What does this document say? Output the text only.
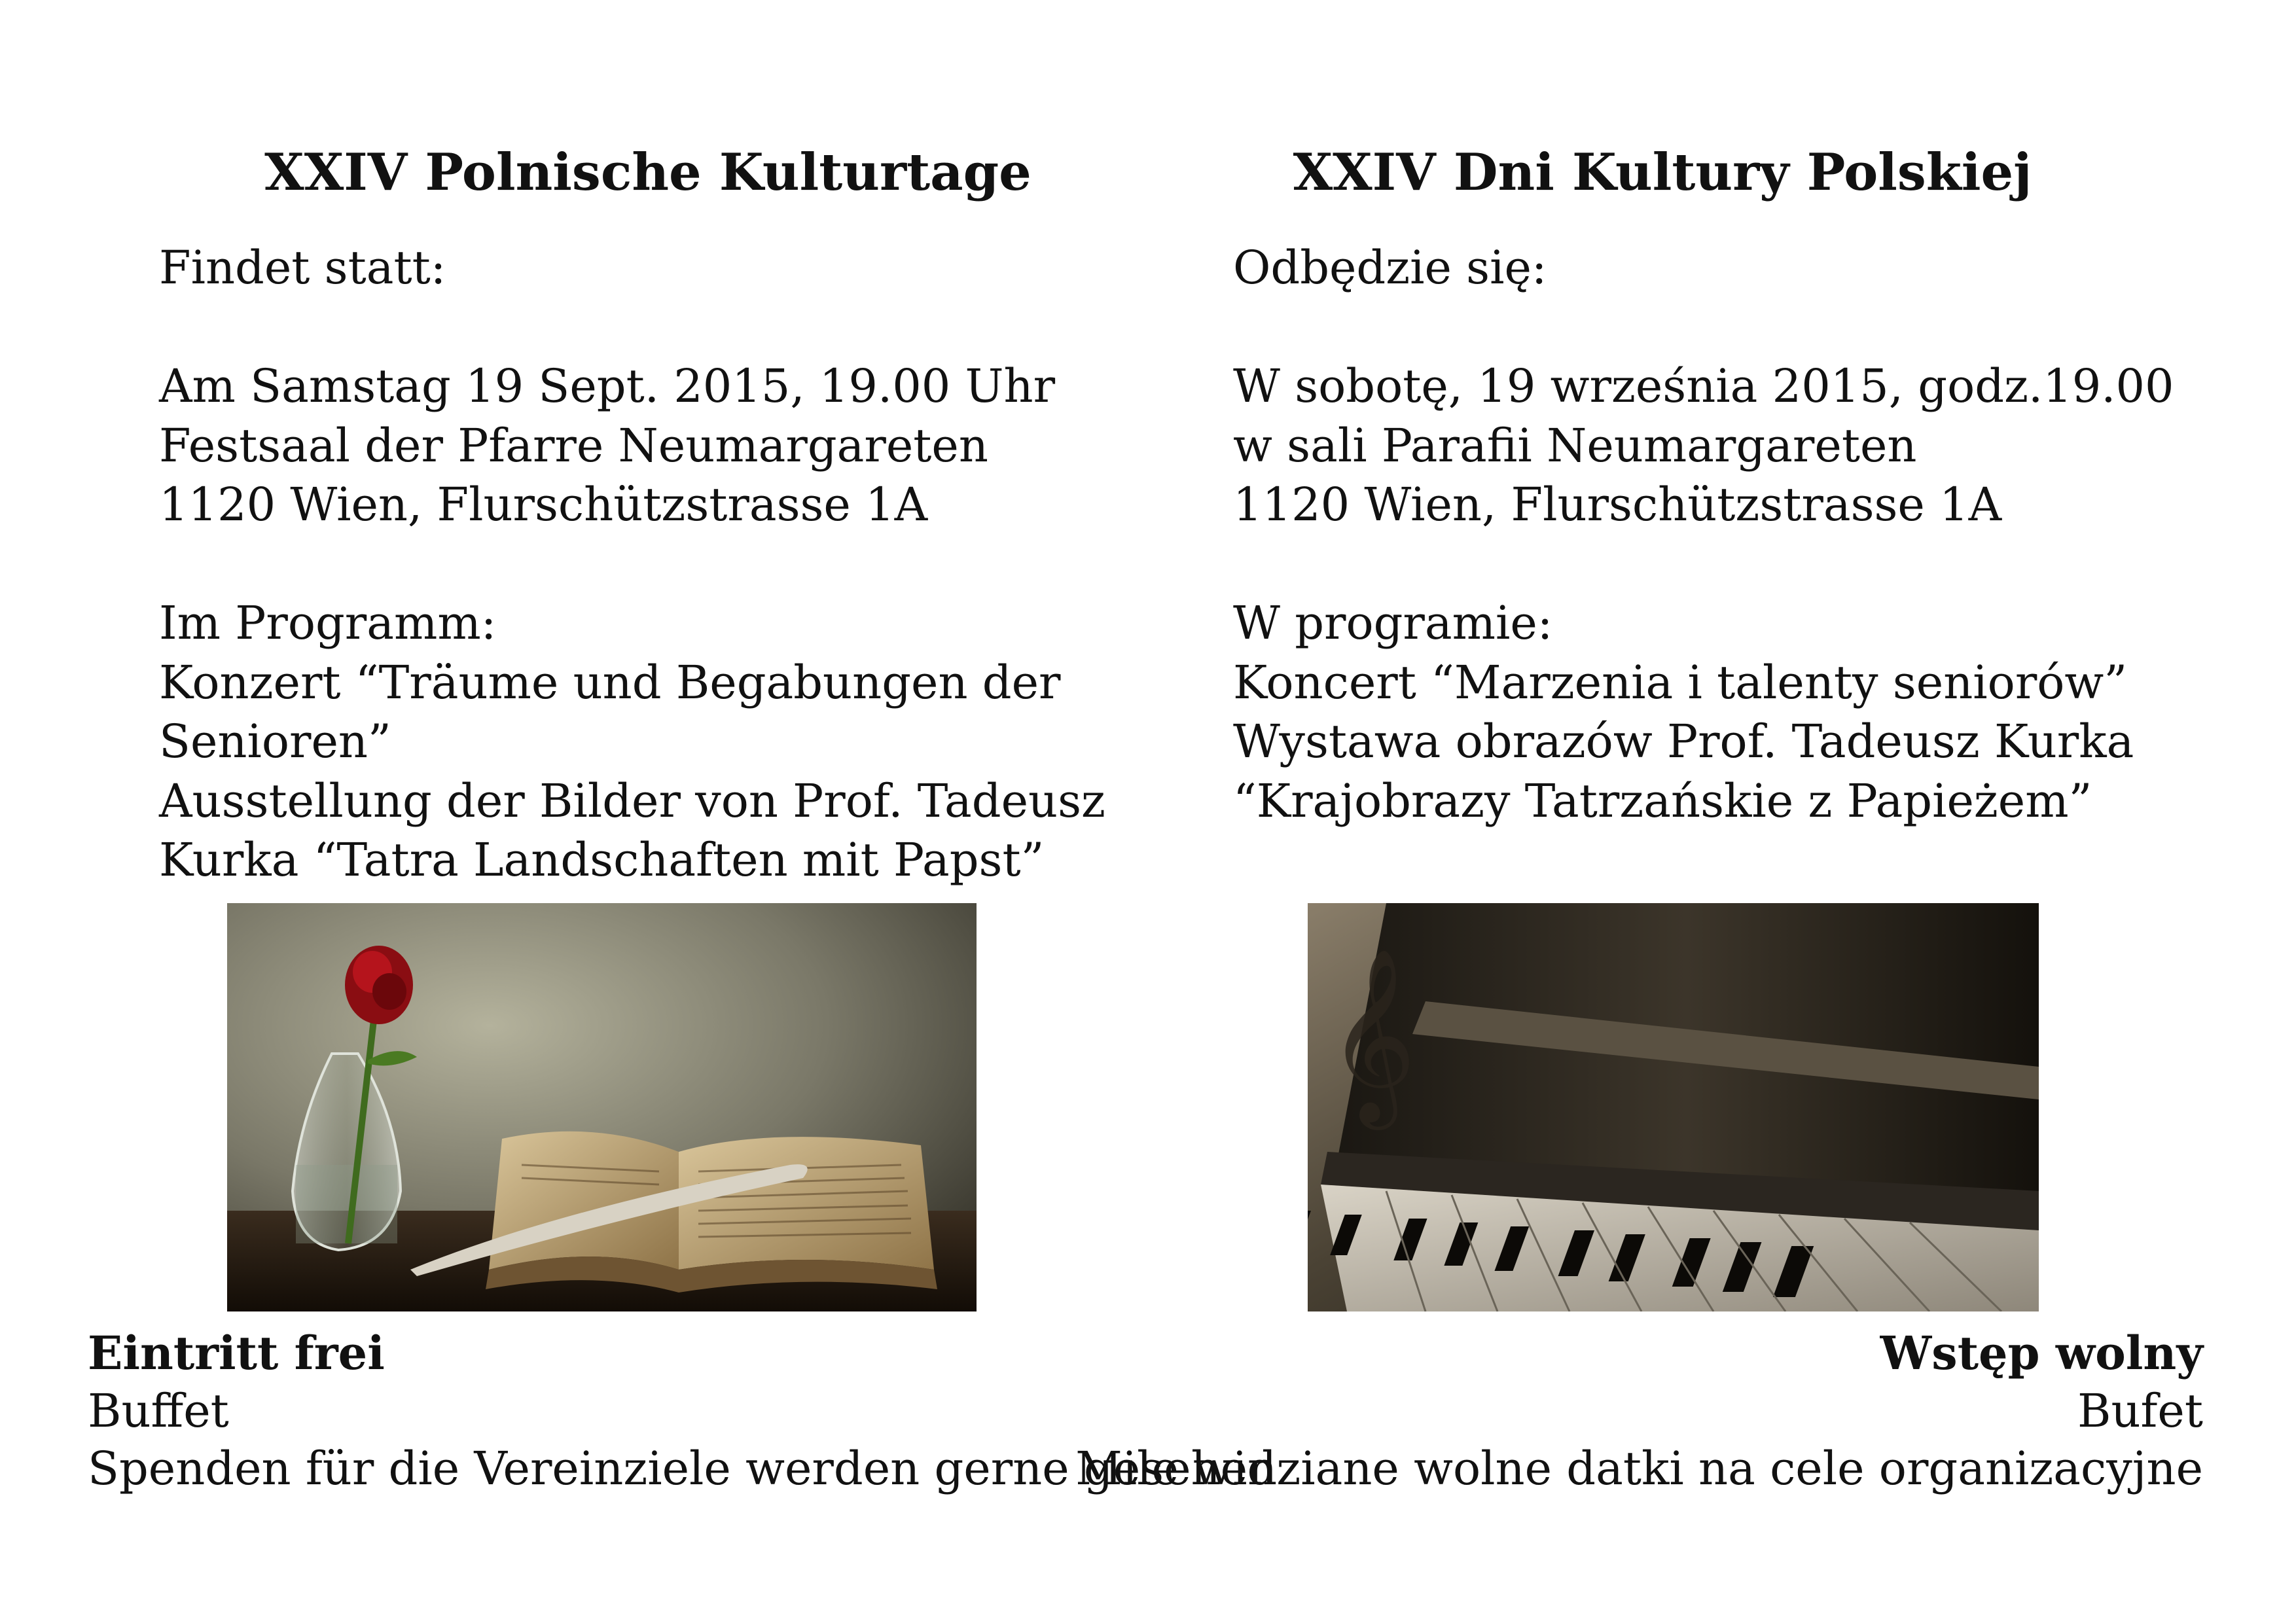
XXIV Polnische Kulturtage
Findet statt:
Am Samstag 19 Sept. 2015, 19.00 Uhr
Festsaal der Pfarre Neumargareten
1120 Wien, Flurschützstrasse 1A
Im Programm:
Konzert “Träume und Begabungen der
Senioren”
Ausstellung der Bilder von Prof. Tadeusz
Kurka “Tatra Landschaften mit Papst”
Eintritt frei
Buffet
Spenden für die Vereinziele werden gerne gesehen
XXIV Dni Kultury Polskiej
Odbędzie się:
W sobotę, 19 września 2015, godz.19.00
w sali Parafii Neumargareten
1120 Wien, Flurschützstrasse 1A
W programie:
Koncert “Marzenia i talenty seniorów”
Wystawa obrazów Prof. Tadeusz Kurka
“Krajobrazy Tatrzańskie z Papieżem”
𝄞
Wstęp wolny
Bufet
Mile widziane wolne datki na cele organizacyjne
